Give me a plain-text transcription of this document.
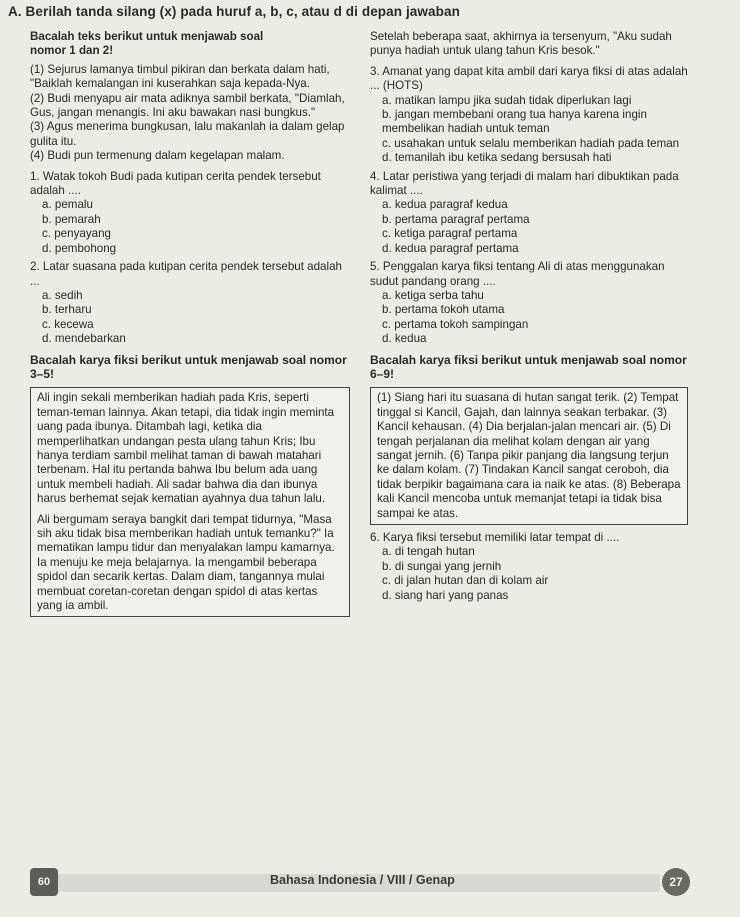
A. Berilah tanda silang (x) pada huruf a, b, c, atau d di depan jawaban

Bacalah teks berikut untuk menjawab soal nomor 1 dan 2!

(1) Sejurus lamanya timbul pikiran dan berkata dalam hati, "Baiklah kemalangan ini kuserahkan saja kepada-Nya.

(2) Budi menyapu air mata adiknya sambil berkata, "Diamlah, Gus, jangan menangis. Ini aku bawakan nasi bungkus."

(3) Agus menerima bungkusan, lalu makanlah ia dalam gelap gulita itu.

(4) Budi pun termenung dalam kegelapan malam.

1. Watak tokoh Budi pada kutipan cerita pendek tersebut adalah ....

a. pemalu

b. pemarah

c. penyayang

d. pembohong

2. Latar suasana pada kutipan cerita pendek tersebut adalah ...

a. sedih

b. terharu

c. kecewa

d. mendebarkan

Bacalah karya fiksi berikut untuk menjawab soal nomor 3–5!

Ali ingin sekali memberikan hadiah pada Kris, seperti teman-teman lainnya. Akan tetapi, dia tidak ingin meminta uang pada ibunya. Ditambah lagi, ketika dia memperlihatkan undangan pesta ulang tahun Kris; Ibu hanya terdiam sambil melihat taman di bawah matahari terbenam. Hal itu pertanda bahwa Ibu belum ada uang untuk membeli hadiah. Ali sadar bahwa dia dan ibunya harus berhemat sejak kematian ayahnya dua tahun lalu.

Ali bergumam seraya bangkit dari tempat tidurnya, "Masa sih aku tidak bisa memberikan hadiah untuk temanku?" Ia mematikan lampu tidur dan menyalakan lampu kamarnya. Ia menuju ke meja belajarnya. Ia mengambil beberapa spidol dan secarik kertas. Dalam diam, tangannya mulai membuat coretan-coretan dengan spidol di atas kertas yang ia ambil.

Setelah beberapa saat, akhirnya ia tersenyum, "Aku sudah punya hadiah untuk ulang tahun Kris besok."

3. Amanat yang dapat kita ambil dari karya fiksi di atas adalah ... (HOTS)

a. matikan lampu jika sudah tidak diperlukan lagi

b. jangan membebani orang tua hanya karena ingin membelikan hadiah untuk teman

c. usahakan untuk selalu memberikan hadiah pada teman

d. temanilah ibu ketika sedang bersusah hati

4. Latar peristiwa yang terjadi di malam hari dibuktikan pada kalimat ....

a. kedua paragraf kedua

b. pertama paragraf pertama

c. ketiga paragraf pertama

d. kedua paragraf pertama

5. Penggalan karya fiksi tentang Ali di atas menggunakan sudut pandang orang ....

a. ketiga serba tahu

b. pertama tokoh utama

c. pertama tokoh sampingan

d. kedua

Bacalah karya fiksi berikut untuk menjawab soal nomor 6–9!

(1) Siang hari itu suasana di hutan sangat terik. (2) Tempat tinggal si Kancil, Gajah, dan lainnya seakan terbakar. (3) Kancil kehausan. (4) Dia berjalan-jalan mencari air. (5) Di tengah perjalanan dia melihat kolam dengan air yang sangat jernih. (6) Tanpa pikir panjang dia langsung terjun ke dalam kolam. (7) Tindakan Kancil sangat ceroboh, dia tidak berpikir bagaimana cara ia naik ke atas. (8) Beberapa kali Kancil mencoba untuk memanjat tetapi ia tidak bisa sampai ke atas.

6. Karya fiksi tersebut memiliki latar tempat di ....

a. di tengah hutan

b. di sungai yang jernih

c. di jalan hutan dan di kolam air

d. siang hari yang panas

60	Bahasa Indonesia / VIII / Genap	27
